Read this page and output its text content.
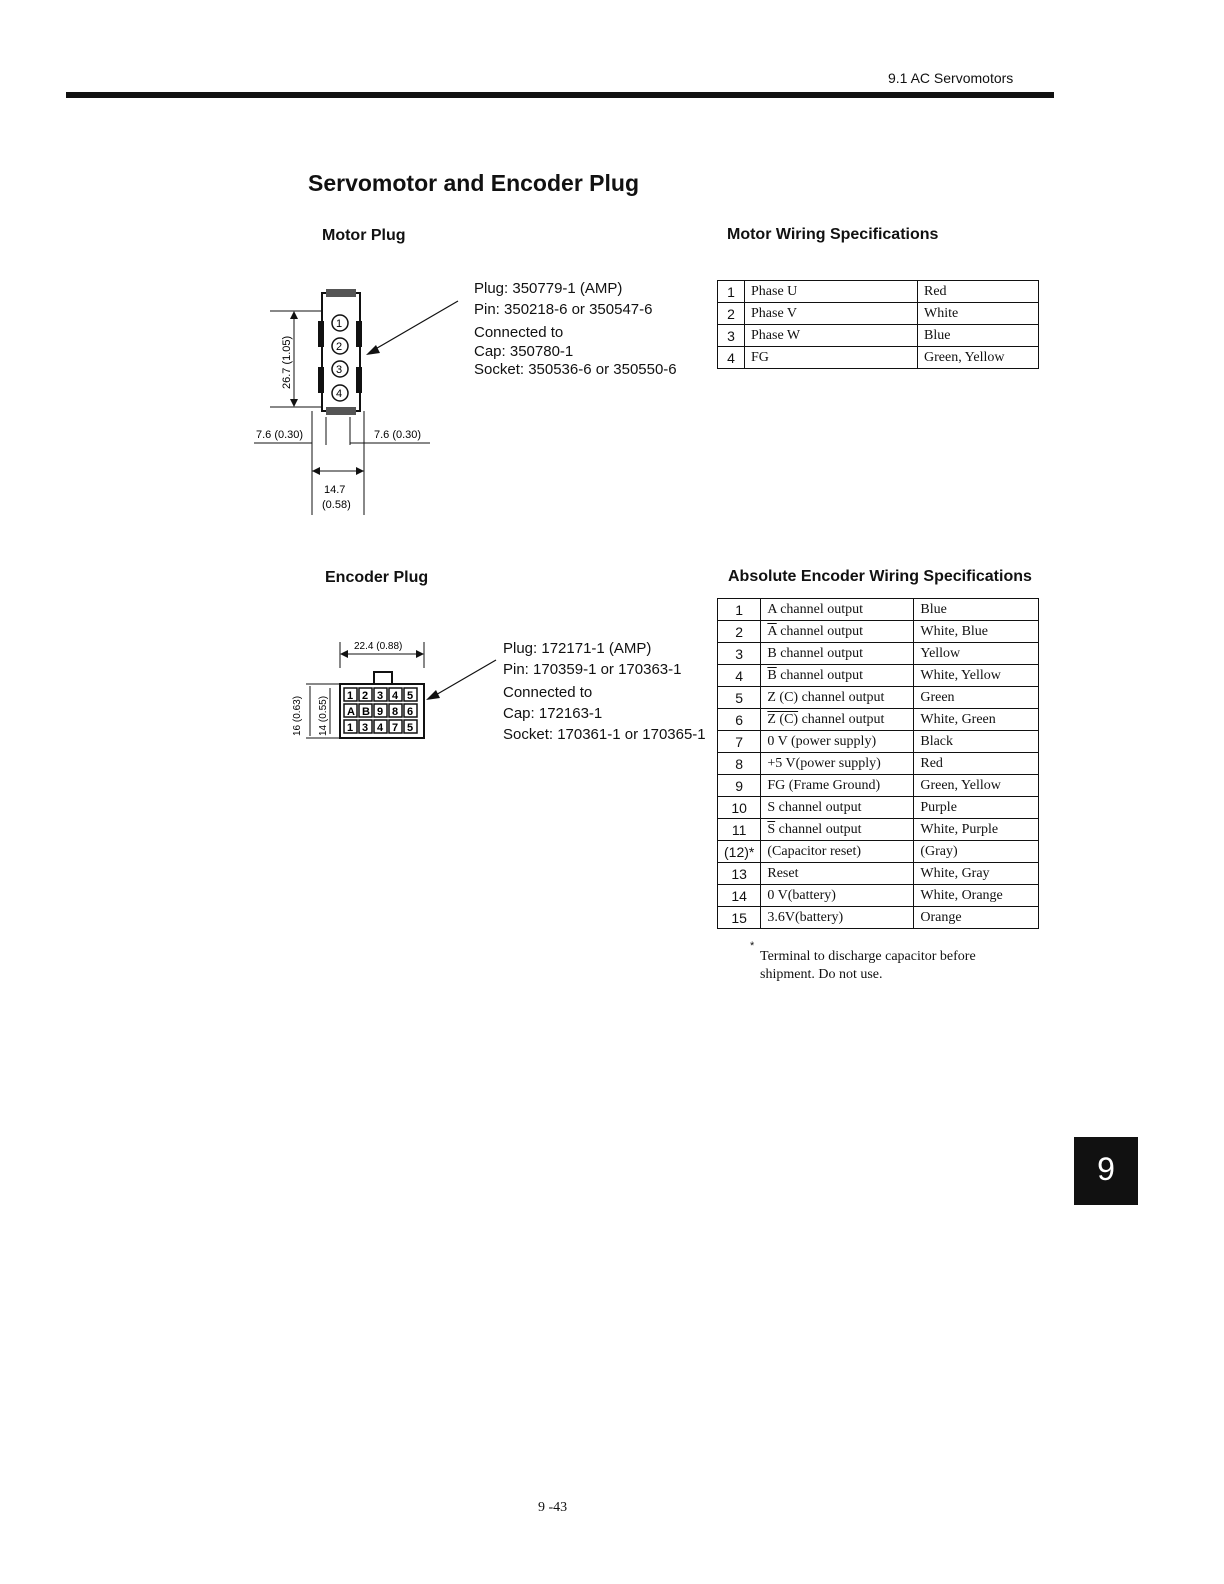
9.1 AC Servomotors
Servomotor and Encoder Plug
Motor Plug
1
2
3
4
26.7 (1.05)
7.6 (0.30)	7.6 (0.30)
14.7
(0.58)
Plug: 350779-1 (AMP)
Pin: 350218-6 or 350547-6
Connected to
Cap: 350780-1
Socket: 350536-6 or 350550-6
Motor Wiring Specifications
1	Phase U	Red
2	Phase V	White
3	Phase W	Blue
4	FG	Green, Yellow
Encoder Plug
22.4 (0.88)
1 2 3 4 5
A B 9 8 6
1 3 4 7 5
16 (0.63) 14 (0.55)
Plug: 172171-1 (AMP)
Pin: 170359-1 or 170363-1
Connected to
Cap: 172163-1
Socket: 170361-1 or 170365-1
Absolute Encoder Wiring Specifications
1	A channel output	Blue
2	$\overline{A}$ channel output	White, Blue
3	B channel output	Yellow
4	$\overline{B}$ channel output	White, Yellow
5	Z (C) channel output	Green
6	Z (C) channel output	White, Green
7	0 V (power supply)	Black
8	+5 V(power supply)	Red
9	FG (Frame Ground)	Green, Yellow
10	S channel output	Purple
11	$\overline{S}$ channel output	White, Purple
(12)*	(Capacitor reset)	(Gray)
13	Reset	White, Gray
14	0 V(battery)	White, Orange
15	3.6V(battery)	Orange
*
Terminal to discharge capacitor before shipment. Do not use.
9
9 -43
